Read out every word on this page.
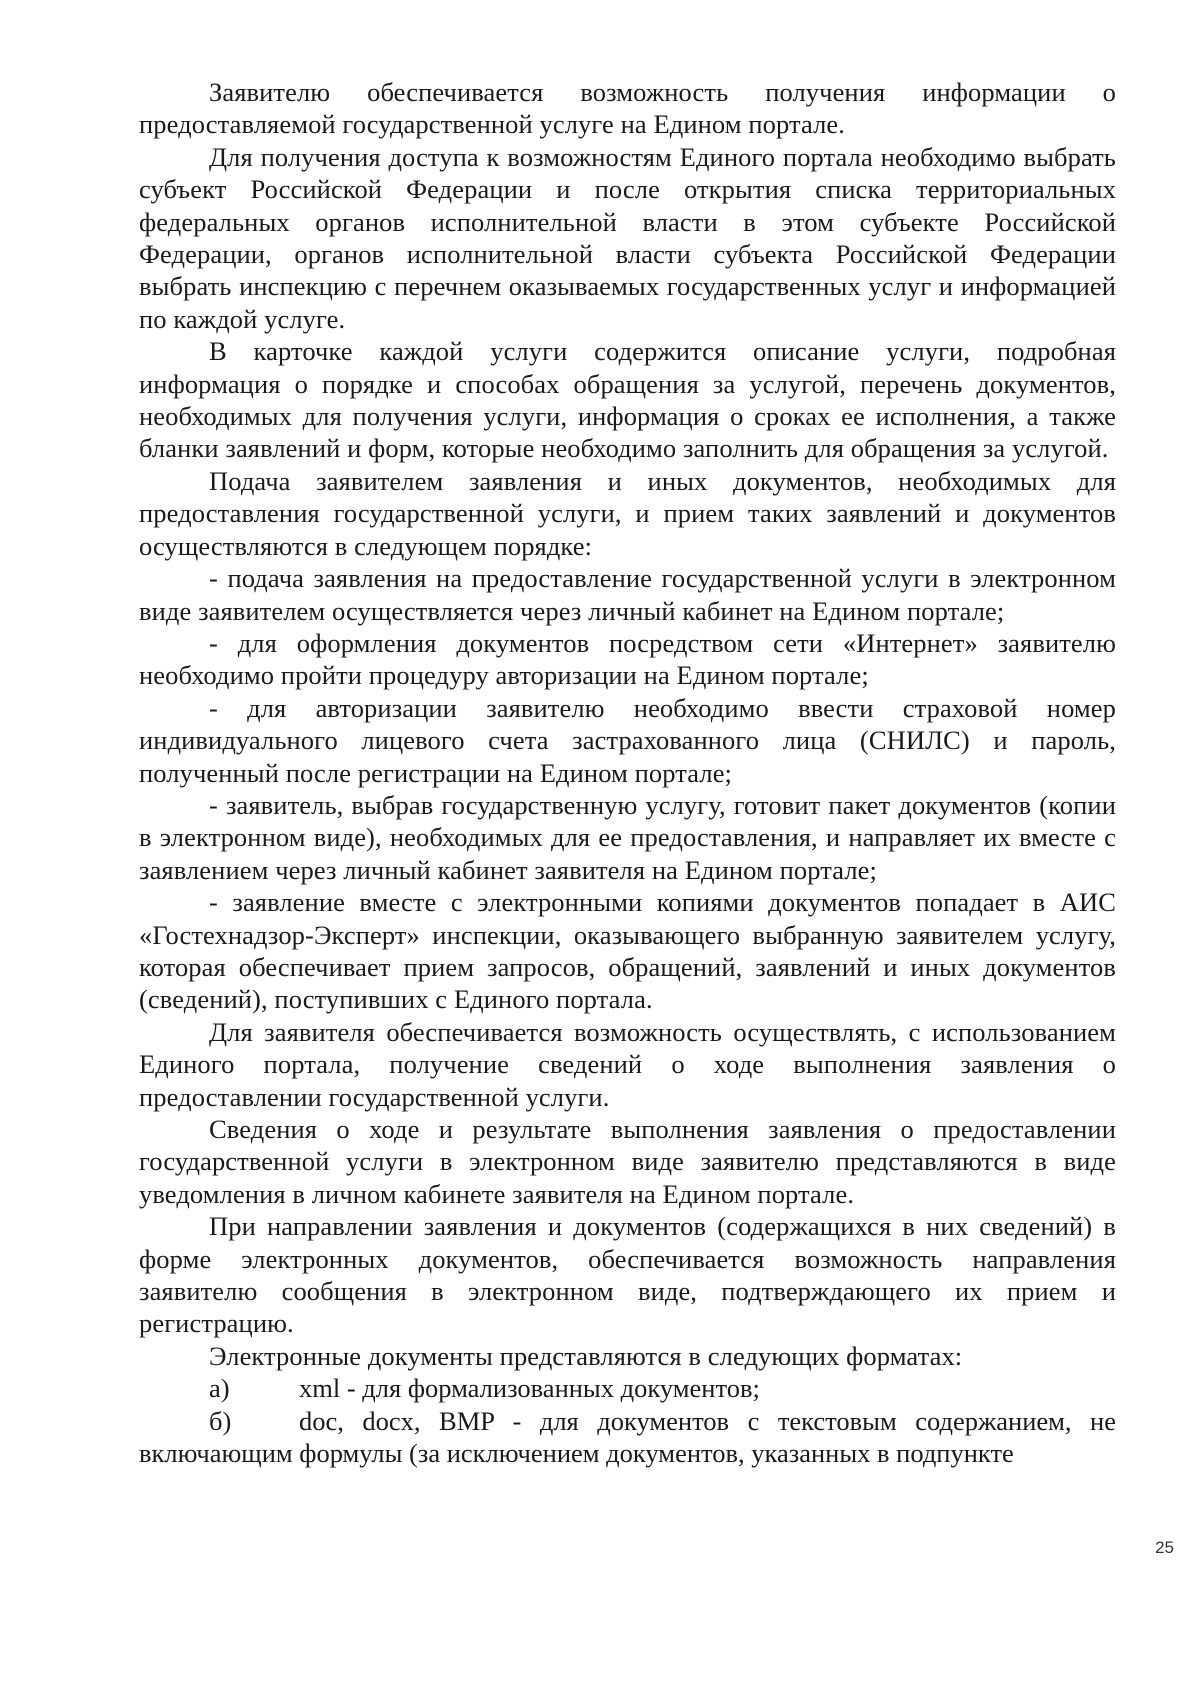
Заявителю обеспечивается возможность получения информации о предоставляемой государственной услуге на Едином портале.

Для получения доступа к возможностям Единого портала необходимо выбрать субъект Российской Федерации и после открытия списка территориальных федеральных органов исполнительной власти в этом субъекте Российской Федерации, органов исполнительной власти субъекта Российской Федерации выбрать инспекцию с перечнем оказываемых государственных услуг и информацией по каждой услуге.

В карточке каждой услуги содержится описание услуги, подробная информация о порядке и способах обращения за услугой, перечень документов, необходимых для получения услуги, информация о сроках ее исполнения, а также бланки заявлений и форм, которые необходимо заполнить для обращения за услугой.

Подача заявителем заявления и иных документов, необходимых для предоставления государственной услуги, и прием таких заявлений и документов осуществляются в следующем порядке:

- подача заявления на предоставление государственной услуги в электронном виде заявителем осуществляется через личный кабинет на Едином портале;

- для оформления документов посредством сети «Интернет» заявителю необходимо пройти процедуру авторизации на Едином портале;

- для авторизации заявителю необходимо ввести страховой номер индивидуального лицевого счета застрахованного лица (СНИЛС) и пароль, полученный после регистрации на Едином портале;

- заявитель, выбрав государственную услугу, готовит пакет документов (копии в электронном виде), необходимых для ее предоставления, и направляет их вместе с заявлением через личный кабинет заявителя на Едином портале;

- заявление вместе с электронными копиями документов попадает в АИС «Гостехнадзор-Эксперт» инспекции, оказывающего выбранную заявителем услугу, которая обеспечивает прием запросов, обращений, заявлений и иных документов (сведений), поступивших с Единого портала.

Для заявителя обеспечивается возможность осуществлять, с использованием Единого портала, получение сведений о ходе выполнения заявления о предоставлении государственной услуги.

Сведения о ходе и результате выполнения заявления о предоставлении государственной услуги в электронном виде заявителю представляются в виде уведомления в личном кабинете заявителя на Едином портале.

При направлении заявления и документов (содержащихся в них сведений) в форме электронных документов, обеспечивается возможность направления заявителю сообщения в электронном виде, подтверждающего их прием и регистрацию.

Электронные документы представляются в следующих форматах:

а)	xml - для формализованных документов;

б)	doc, docx, BMP - для документов с текстовым содержанием, не включающим формулы (за исключением документов, указанных в подпункте

25
